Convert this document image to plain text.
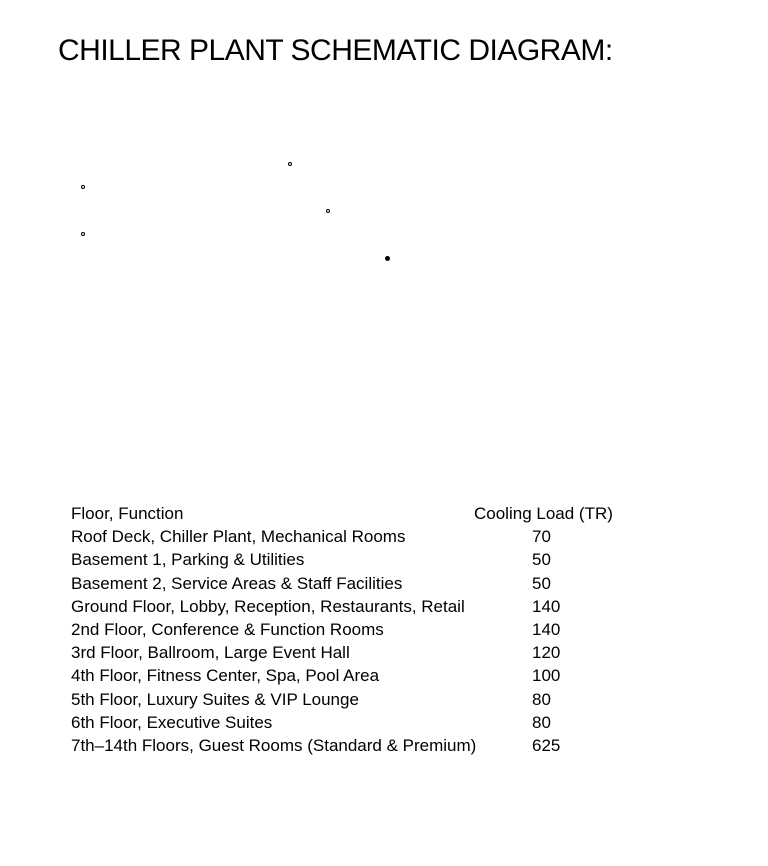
CHILLER PLANT SCHEMATIC DIAGRAM:
Floor, Function	Cooling Load (TR)
Roof Deck, Chiller Plant, Mechanical Rooms	70
Basement 1, Parking & Utilities	50
Basement 2, Service Areas & Staff Facilities	50
Ground Floor, Lobby, Reception, Restaurants, Retail	140
2nd Floor, Conference & Function Rooms	140
3rd Floor, Ballroom, Large Event Hall	120
4th Floor, Fitness Center, Spa, Pool Area	100
5th Floor, Luxury Suites & VIP Lounge	80
6th Floor, Executive Suites	80
7th–14th Floors, Guest Rooms (Standard & Premium)	625
